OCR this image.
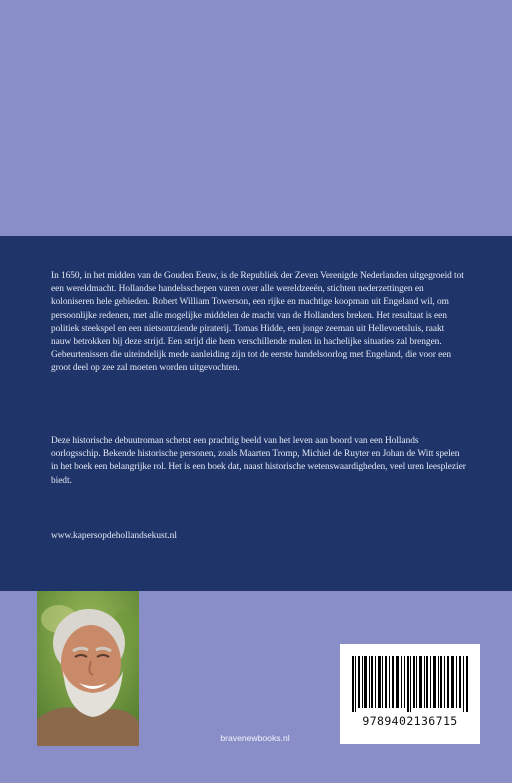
In 1650, in het midden van de Gouden Eeuw, is de Republiek der Zeven Verenigde Nederlanden uitgegroeid tot een wereldmacht. Hollandse handelsschepen varen over alle wereldzeeën, stichten nederzettingen en koloniseren hele gebieden. Robert William Towerson, een rijke en machtige koopman uit Engeland wil, om persoonlijke redenen, met alle mogelijke middelen de macht van de Hollanders breken. Het resultaat is een politiek steekspel en een nietsontziende piraterij. Tomas Hidde, een jonge zeeman uit Hellevoetsluis, raakt nauw betrokken bij deze strijd. Een strijd die hem verschillende malen in hachelijke situaties zal brengen. Gebeurtenissen die uiteindelijk mede aanleiding zijn tot de eerste handelsoorlog met Engeland, die voor een groot deel op zee zal moeten worden uitgevochten.

Deze historische debuutroman schetst een prachtig beeld van het leven aan boord van een Hollands oorlogsschip. Bekende historische personen, zoals Maarten Tromp, Michiel de Ruyter en Johan de Witt spelen in het boek een belangrijke rol. Het is een boek dat, naast historische wetenswaardigheden, veel uren leesplezier biedt.

www.kapersopdehollandsekust.nl
9789402136715
bravenewbooks.nl
